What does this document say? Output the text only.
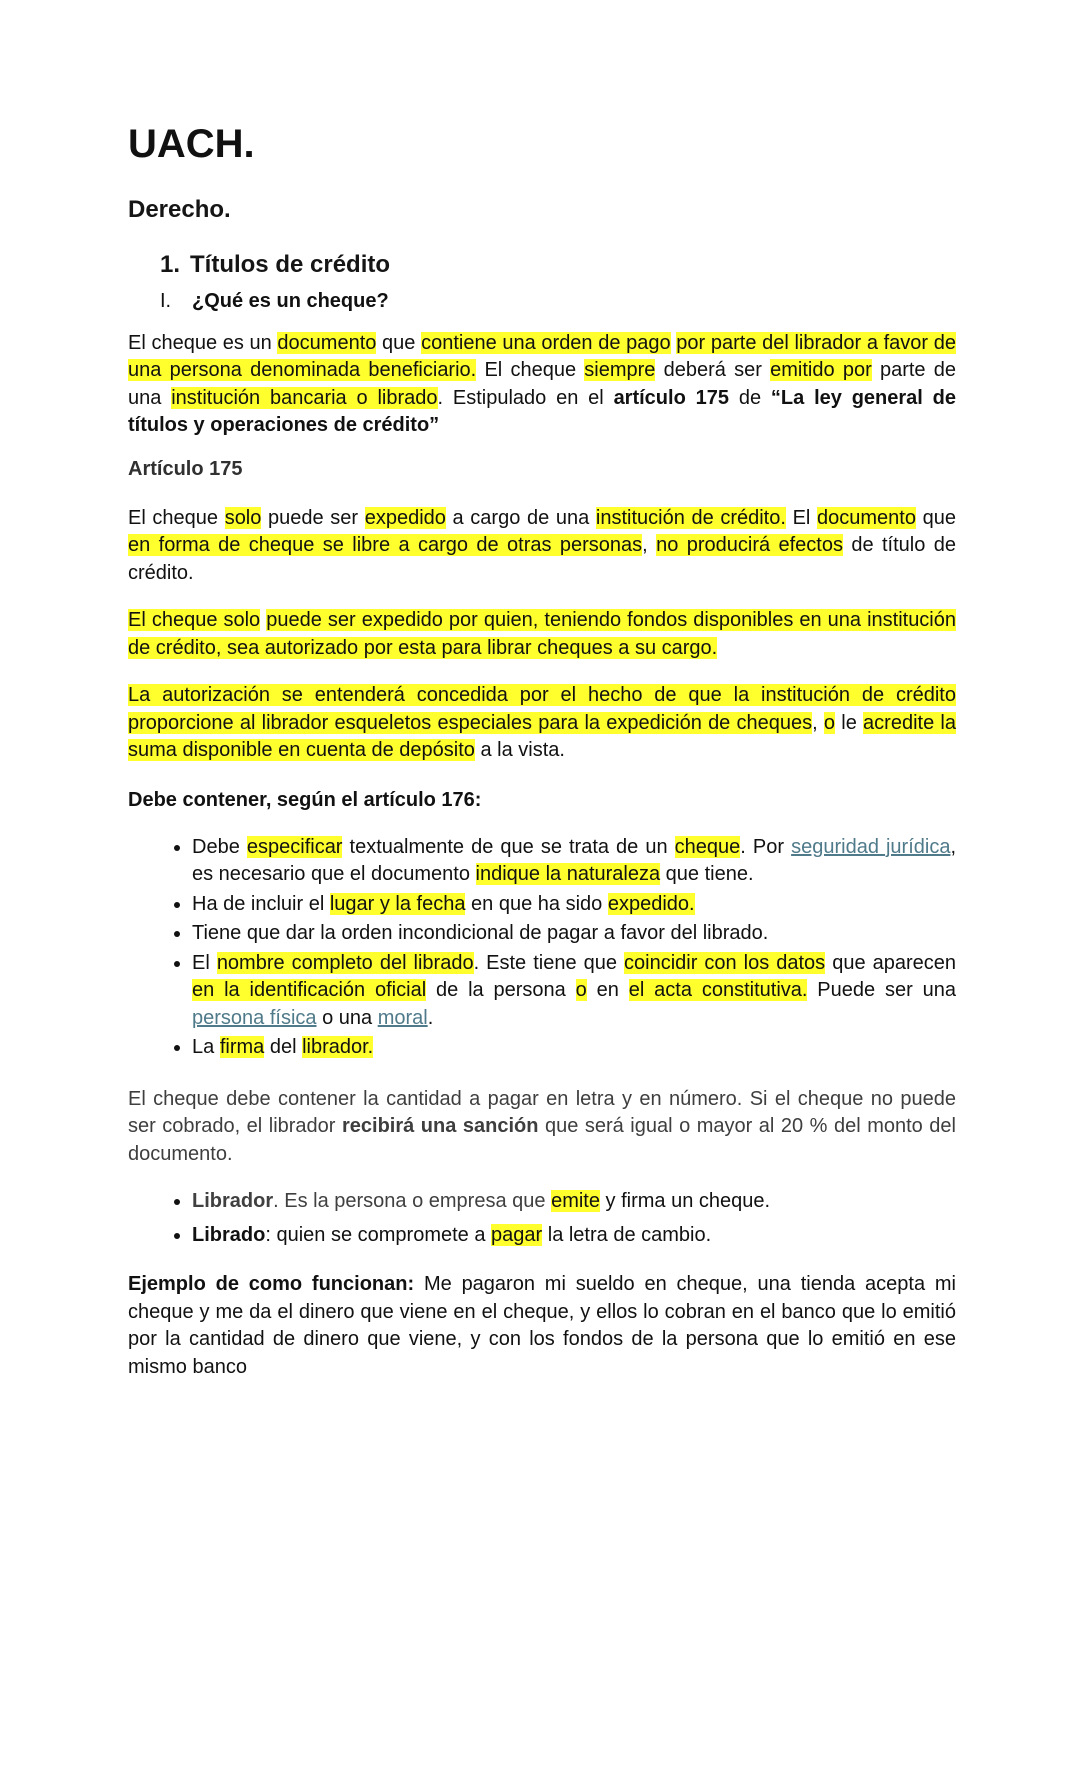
UACH.
Derecho.
1. Títulos de crédito
I. ¿Qué es un cheque?

El cheque es un documento que contiene una orden de pago por parte del librador a favor de una persona denominada beneficiario. El cheque siempre deberá ser emitido por parte de una institución bancaria o librado. Estipulado en el artículo 175 de “La ley general de títulos y operaciones de crédito”

Artículo 175

El cheque solo puede ser expedido a cargo de una institución de crédito. El documento que en forma de cheque se libre a cargo de otras personas, no producirá efectos de título de crédito.

El cheque solo puede ser expedido por quien, teniendo fondos disponibles en una institución de crédito, sea autorizado por esta para librar cheques a su cargo.

La autorización se entenderá concedida por el hecho de que la institución de crédito proporcione al librador esqueletos especiales para la expedición de cheques, o le acredite la suma disponible en cuenta de depósito a la vista.

Debe contener, según el artículo 176:
• Debe especificar textualmente de que se trata de un cheque. Por seguridad jurídica, es necesario que el documento indique la naturaleza que tiene.
• Ha de incluir el lugar y la fecha en que ha sido expedido.
• Tiene que dar la orden incondicional de pagar a favor del librado.
• El nombre completo del librado. Este tiene que coincidir con los datos que aparecen en la identificación oficial de la persona o en el acta constitutiva. Puede ser una persona física o una moral.
• La firma del librador.

El cheque debe contener la cantidad a pagar en letra y en número. Si el cheque no puede ser cobrado, el librador recibirá una sanción que será igual o mayor al 20 % del monto del documento.

• Librador. Es la persona o empresa que emite y firma un cheque.
• Librado: quien se compromete a pagar la letra de cambio.

Ejemplo de como funcionan: Me pagaron mi sueldo en cheque, una tienda acepta mi cheque y me da el dinero que viene en el cheque, y ellos lo cobran en el banco que lo emitió por la cantidad de dinero que viene, y con los fondos de la persona que lo emitió en ese mismo banco
